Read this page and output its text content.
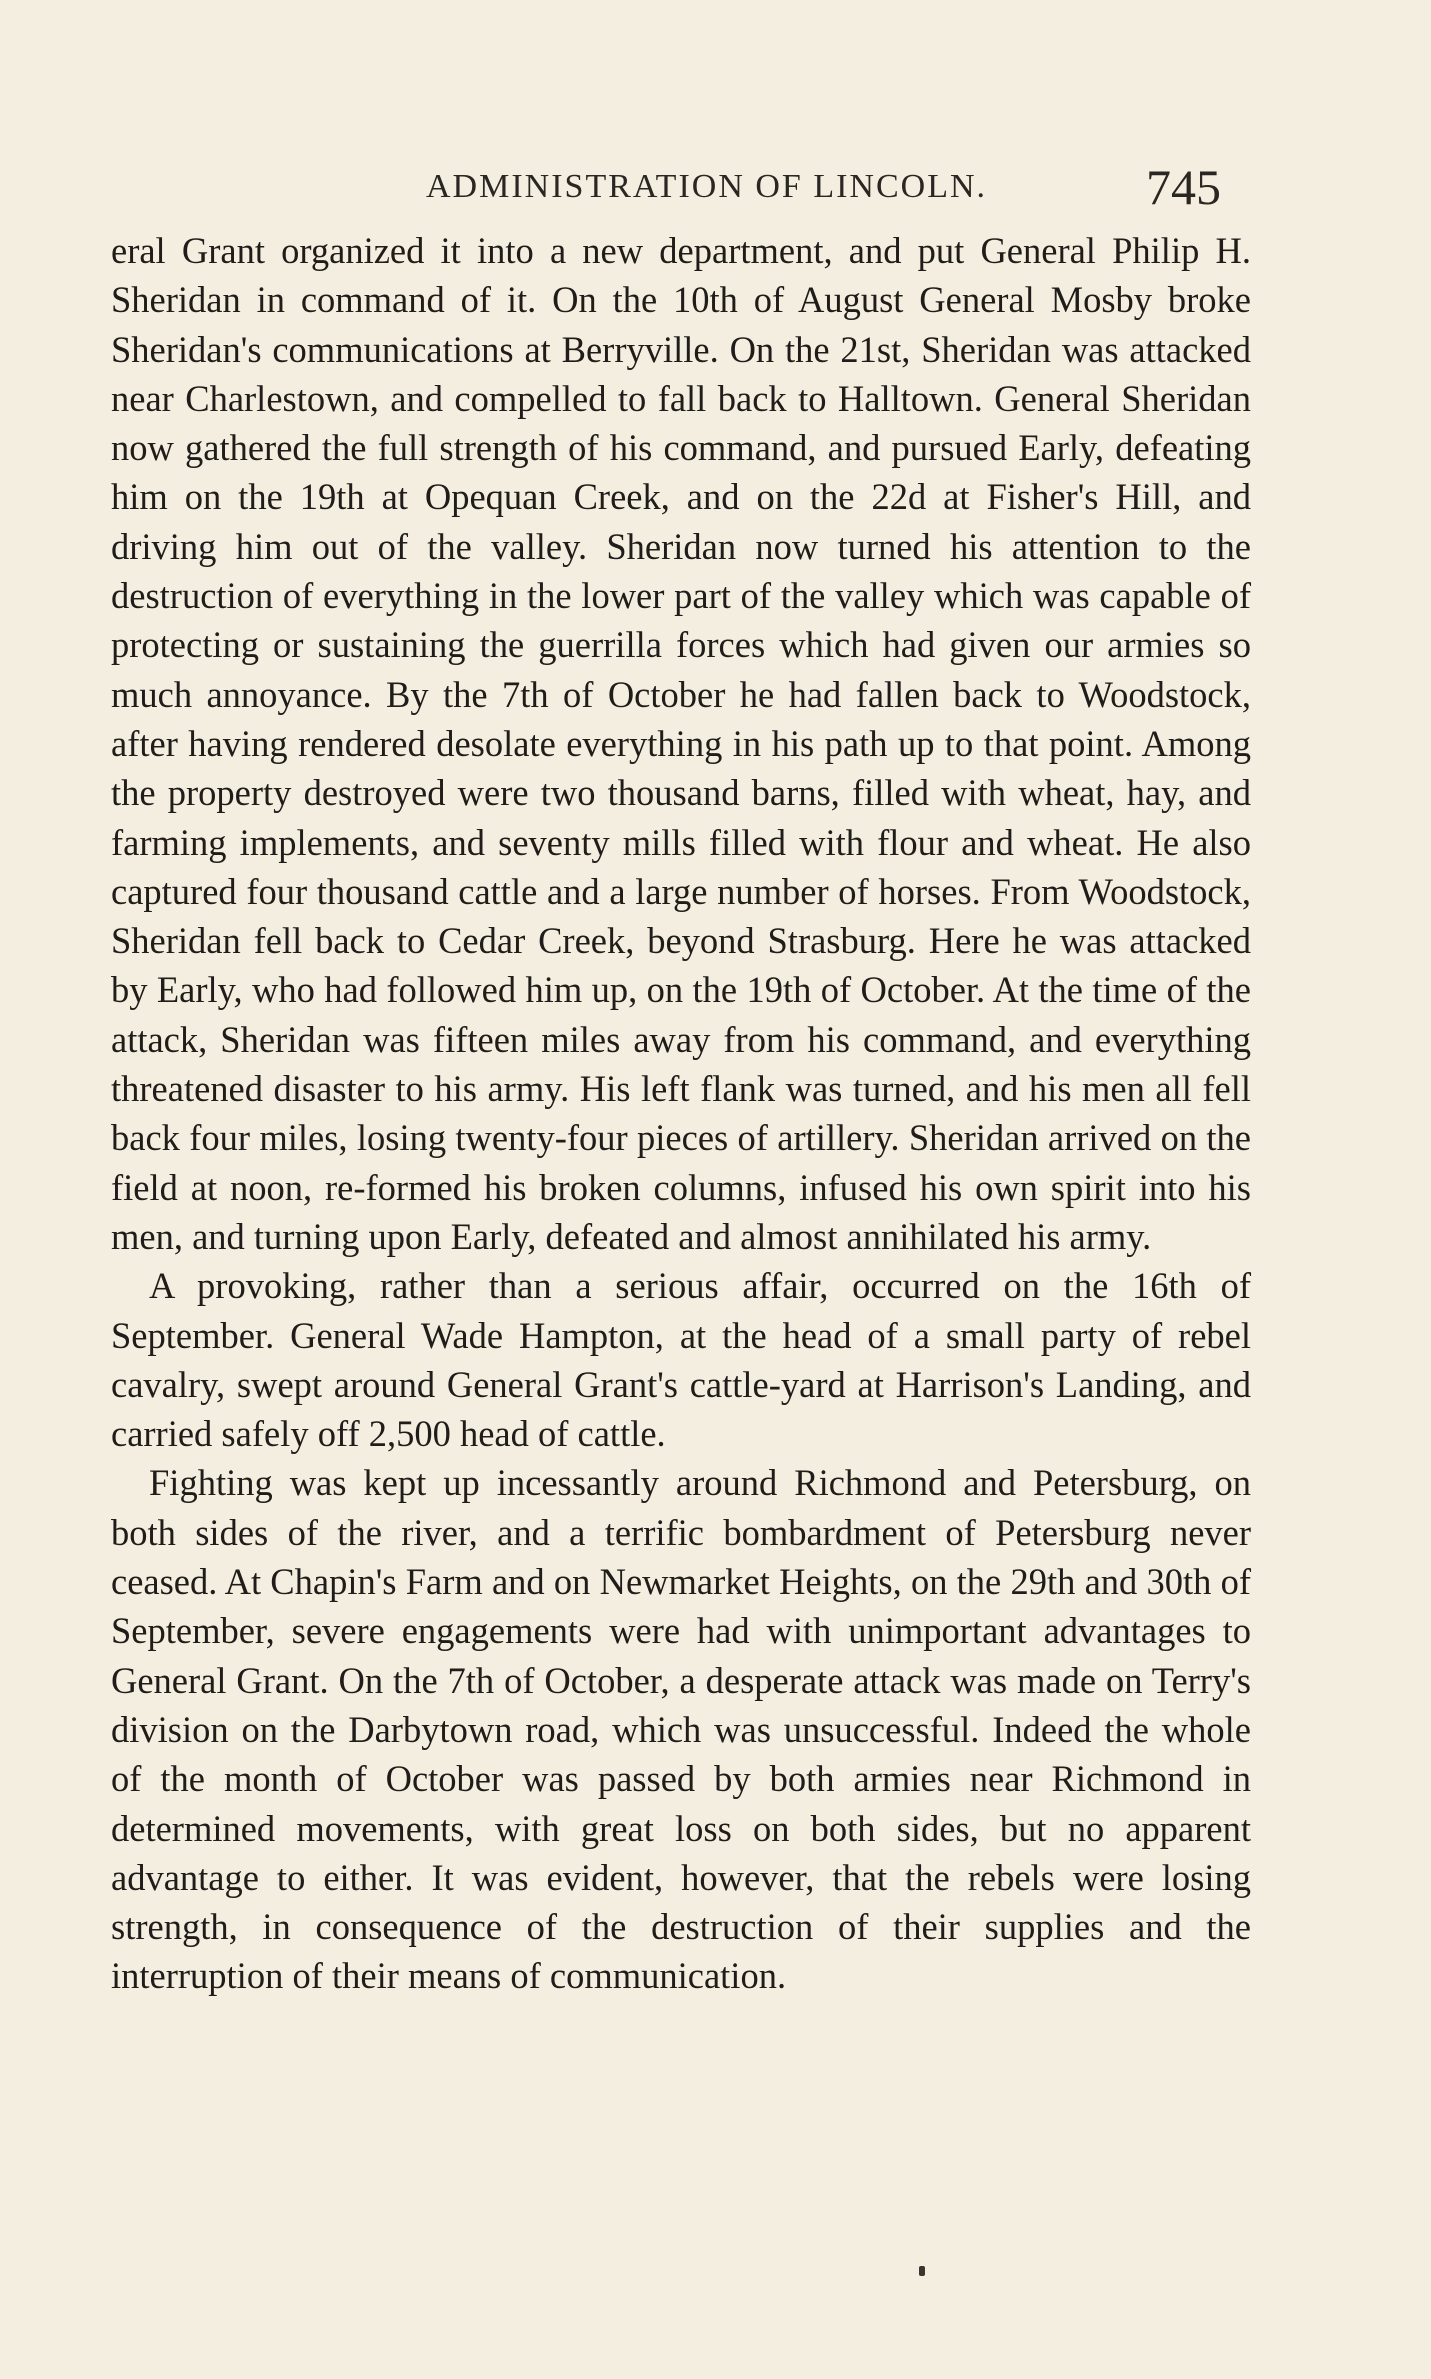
ADMINISTRATION OF LINCOLN.	745

eral Grant organized it into a new department, and put General Philip H. Sheridan in command of it. On the 10th of August General Mosby broke Sheridan's communications at Berryville. On the 21st, Sheridan was attacked near Charlestown, and compelled to fall back to Halltown. General Sheridan now gathered the full strength of his command, and pursued Early, defeating him on the 19th at Opequan Creek, and on the 22d at Fisher's Hill, and driving him out of the valley. Sheridan now turned his attention to the destruction of everything in the lower part of the valley which was capable of protecting or sustaining the guerrilla forces which had given our armies so much annoyance. By the 7th of October he had fallen back to Woodstock, after having rendered desolate everything in his path up to that point. Among the property destroyed were two thousand barns, filled with wheat, hay, and farming implements, and seventy mills filled with flour and wheat. He also captured four thousand cattle and a large number of horses. From Woodstock, Sheridan fell back to Cedar Creek, beyond Strasburg. Here he was attacked by Early, who had followed him up, on the 19th of October. At the time of the attack, Sheridan was fifteen miles away from his command, and everything threatened disaster to his army. His left flank was turned, and his men all fell back four miles, losing twenty-four pieces of artillery. Sheridan arrived on the field at noon, re-formed his broken columns, infused his own spirit into his men, and turning upon Early, defeated and almost annihilated his army.

A provoking, rather than a serious affair, occurred on the 16th of September. General Wade Hampton, at the head of a small party of rebel cavalry, swept around General Grant's cattle-yard at Harrison's Landing, and carried safely off 2,500 head of cattle.

Fighting was kept up incessantly around Richmond and Petersburg, on both sides of the river, and a terrific bombardment of Petersburg never ceased. At Chapin's Farm and on Newmarket Heights, on the 29th and 30th of September, severe engagements were had with unimportant advantages to General Grant. On the 7th of October, a desperate attack was made on Terry's division on the Darbytown road, which was unsuccessful. Indeed the whole of the month of October was passed by both armies near Richmond in determined movements, with great loss on both sides, but no apparent advantage to either. It was evident, however, that the rebels were losing strength, in consequence of the destruction of their supplies and the interruption of their means of communication.
